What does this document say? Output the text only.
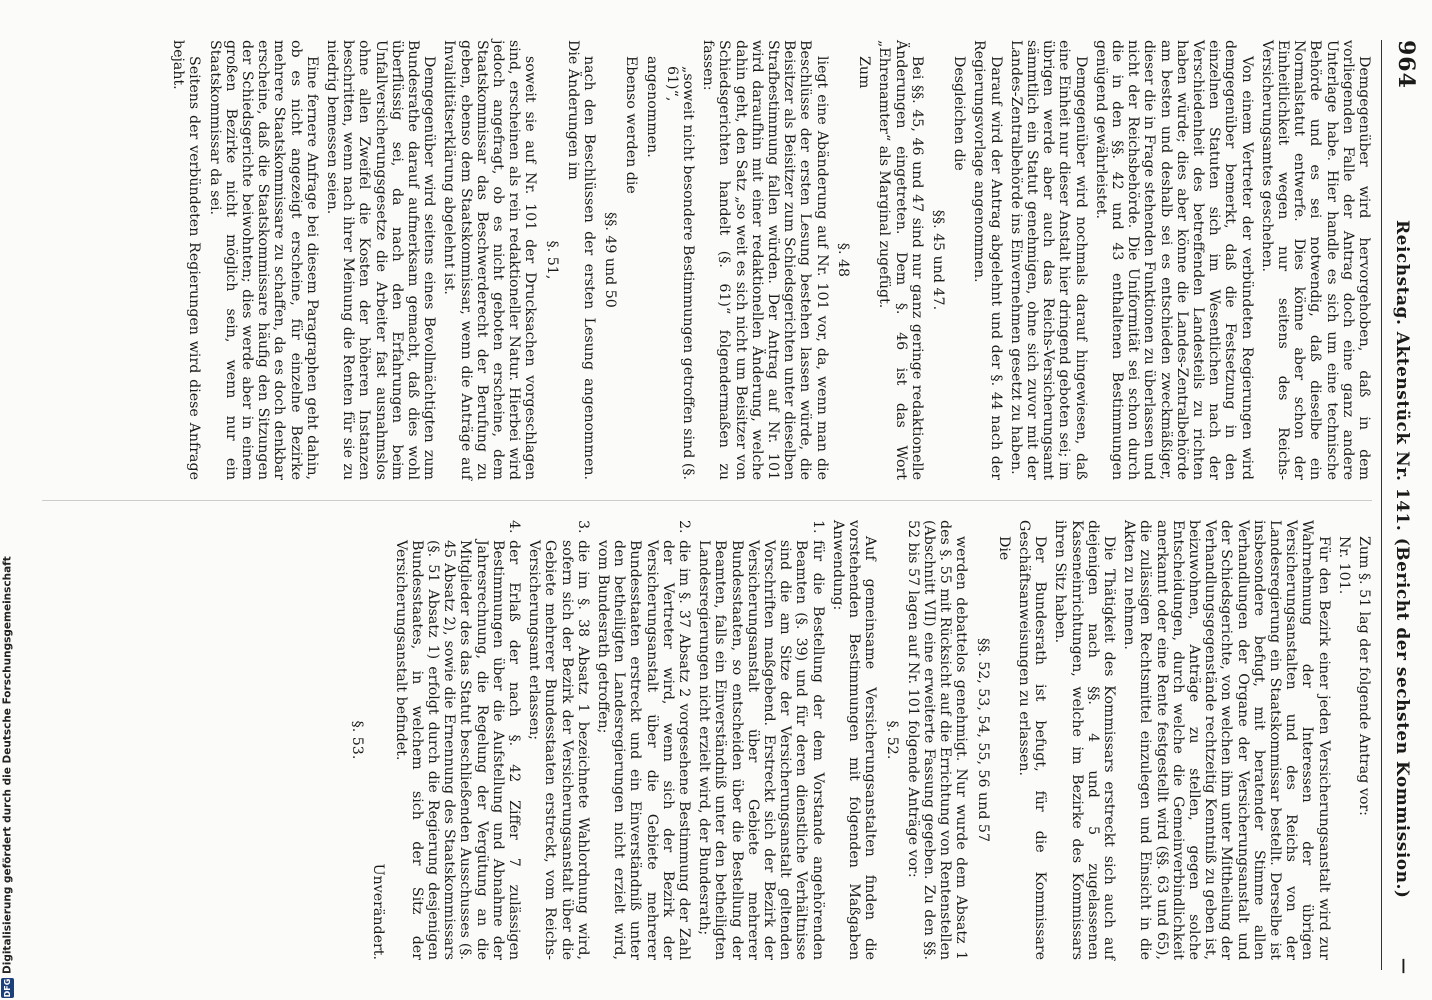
964
Reichstag. Aktenstück Nr. 141. (Bericht der sechsten Kommission.)
—

Demgegenüber wird hervorgehoben, daß in dem vorliegenden Falle der Antrag doch eine ganz andere Unterlage habe. Hier handle es sich um eine technische Behörde und es sei notwendig, daß dieselbe ein Normalstatut entwerfe. Dies könne aber schon der Einheitlichkeit wegen nur seitens des Reichs-Versicherungsamtes geschehen.

Von einem Vertreter der verbündeten Regierungen wird demgegenüber bemerkt, daß die Festsetzung in den einzelnen Statuten sich im Wesentlichen nach der Verschiedenheit des betreffenden Landesteils zu richten haben würde; dies aber könne die Landes-Zentralbehörde am besten und deshalb sei es entschieden zweckmäßiger, dieser die in Frage stehenden Funktionen zu überlassen und nicht der Reichsbehörde. Die Uniformität sei schon durch die in den §§. 42 und 43 enthaltenen Bestimmungen genügend gewährleistet.

Demgegenüber wird nochmals darauf hingewiesen, daß eine Einheit nur dieser Anstalt hier dringend geboten sei; im übrigen werde aber auch das Reichs-Versicherungsamt sämmtlich ein Statut genehmigen, ohne sich zuvor mit der Landes-Zentralbehörde ins Einvernehmen gesetzt zu haben.

Darauf wird der Antrag abgelehnt und der §. 44 nach der Regierungsvorlage angenommen.

Desgleichen die

§§. 45 und 47.

Bei §§. 45, 46 und 47 sind nur ganz geringe redaktionelle Änderungen eingetreten. Dem §. 46 ist das Wort „Ehrenamter“ als Marginal zugefügt.

Zum

§. 48

liegt eine Abänderung auf Nr. 101 vor, da, wenn man die Beschlüsse der ersten Lesung bestehen lassen würde, die Beisitzer als Beisitzer zum Schiedsgerichten unter dieselben Strafbestimmung fallen würden. Der Antrag auf Nr. 101 wird daraufhin mit einer redaktionellen Änderung, welche dahin geht, den Satz „so weit es sich nicht um Beisitzer von Schiedsgerichten handelt (§. 61)“ folgendermaßen zu fassen:

„soweit nicht besondere Bestimmungen getroffen sind (§. 61)“,

angenommen.

Ebenso werden die

§§. 49 und 50

nach den Beschlüssen der ersten Lesung angenommen. Die Änderungen im

§. 51,

soweit sie auf Nr. 101 der Drucksachen vorgeschlagen sind, erscheinen als rein redaktioneller Natur. Hierbei wird jedoch angefragt, ob es nicht geboten erscheine, dem Staatskommissar das Beschwerderecht der Berufung zu geben, ebenso dem Staatskommissar, wenn die Anträge auf Invaliditätserklärung abgelehnt ist.

Demgegenüber wird seitens eines Bevollmächtigten zum Bundesrathe darauf aufmerksam gemacht, daß dies wohl überflüssig sei, da nach den Erfahrungen beim Unfallversicherungsgesetze die Arbeiter fast ausnahmslos ohne allen Zweifel die Kosten der höheren Instanzen beschritten, wenn nach ihrer Meinung die Renten für sie zu niedrig bemessen seien.

Eine fernere Anfrage bei diesem Paragraphen geht dahin, ob es nicht angezeigt erscheine, für einzelne Bezirke mehrere Staatskommissare zu schaffen, da es doch denkbar erscheine, daß die Staatskommissare häufig den Sitzungen der Schiedsgerichte beiwohnten; dies werde aber in einem großen Bezirke nicht möglich sein, wenn nur ein Staatskommissar da sei.

Seitens der verbündeten Regierungen wird diese Anfrage bejaht.

Zum §. 51 lag der folgende Antrag vor:

Nr. 101.

Für den Bezirk einer jeden Versicherungsanstalt wird zur Wahrnehmung der Interessen der übrigen Versicherungsanstalten und des Reichs von der Landesregierung ein Staatskommissar bestellt. Derselbe ist insbesondere befugt, mit beratender Stimme allen Verhandlungen der Organe der Versicherungsanstalt und der Schiedsgerichte, von welchen ihm unter Mittheilung der Verhandlungsgegenstände rechtzeitig Kenntniß zu geben ist, beizuwohnen, Anträge zu stellen, gegen solche Entscheidungen, durch welche die Gemeinverbindlichkeit anerkannt oder eine Rente festgestellt wird (§§. 63 und 65), die zulässigen Rechtsmittel einzulegen und Einsicht in die Akten zu nehmen.

Die Thätigkeit des Kommissars erstreckt sich auch auf diejenigen nach §§. 4 und 5 zugelassenen Kasseneinrichtungen, welche im Bezirke des Kommissars ihren Sitz haben.

Der Bundesrath ist befugt, für die Kommissare Geschäftsanweisungen zu erlassen.

Die

§§. 52, 53, 54, 55, 56 und 57

werden debattelos genehmigt. Nur wurde dem Absatz 1 des §. 55 mit Rücksicht auf die Errichtung von Rentenstellen (Abschnitt VII) eine erweiterte Fassung gegeben. Zu den §§. 52 bis 57 lagen auf Nr. 101 folgende Anträge vor:

§. 52.

Auf gemeinsame Versicherungsanstalten finden die vorstehenden Bestimmungen mit folgenden Maßgaben Anwendung:

1.
für die Bestellung der dem Vorstande angehörenden Beamten (§. 39) und für deren dienstliche Verhältnisse sind die am Sitze der Versicherungsanstalt geltenden Vorschriften maßgebend. Erstreckt sich der Bezirk der Versicherungsanstalt über Gebiete mehrerer Bundesstaaten, so entscheiden über die Bestellung der Beamten, falls ein Einverständniß unter den betheiligten Landesregierungen nicht erzielt wird, der Bundesrath;
2.
die im §. 37 Absatz 2 vorgesehene Bestimmung der Zahl der Vertreter wird, wenn sich der Bezirk der Versicherungsanstalt über die Gebiete mehrerer Bundesstaaten erstreckt und ein Einverständniß unter den betheiligten Landesregierungen nicht erzielt wird, vom Bundesrath getroffen;
3.
die im §. 38 Absatz 1 bezeichnete Wahlordnung wird, sofern sich der Bezirk der Versicherungsanstalt über die Gebiete mehrerer Bundesstaaten erstreckt, vom Reichs-Versicherungsamt erlassen;
4.
der Erlaß der nach §. 42 Ziffer 7 zulässigen Bestimmungen über die Aufstellung und Abnahme der Jahresrechnung, die Regelung der Vergütung an die Mitglieder des das Statut beschließenden Ausschusses (§. 45 Absatz 2), sowie die Ernennung des Staatskommissars (§. 51 Absatz 1) erfolgt durch die Regierung desjenigen Bundesstaates, in welchem sich der Sitz der Versicherungsanstalt befindet.

Unverändert.

§. 53.

DFGDigitalisierung gefördert durch die Deutsche Forschungsgemeinschaft
